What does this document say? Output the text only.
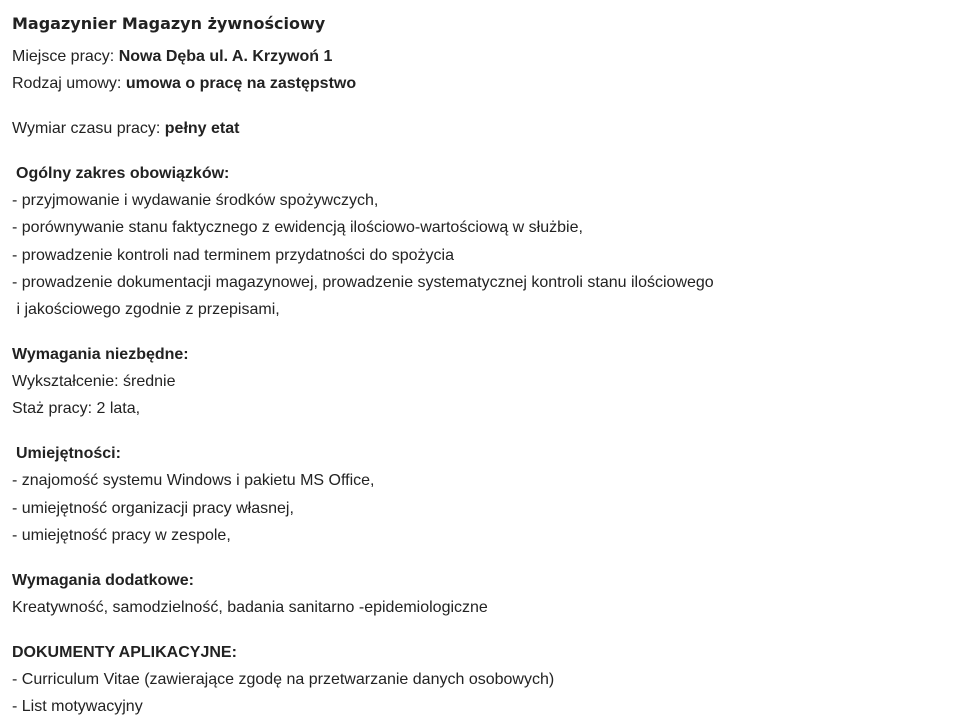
Magazynier Magazyn żywnościowy
Miejsce pracy: Nowa Dęba ul. A. Krzywoń 1
Rodzaj umowy: umowa o pracę na zastępstwo
Wymiar czasu pracy: pełny etat
Ogólny zakres obowiązków:
- przyjmowanie i wydawanie środków spożywczych,
- porównywanie stanu faktycznego z ewidencją ilościowo-wartościową w służbie,
- prowadzenie kontroli nad terminem przydatności do spożycia
- prowadzenie dokumentacji magazynowej, prowadzenie systematycznej kontroli stanu ilościowego
i jakościowego zgodnie z przepisami,
Wymagania niezbędne:
Wykształcenie: średnie
Staż pracy: 2 lata,
Umiejętności:
- znajomość systemu Windows i pakietu MS Office,
- umiejętność organizacji pracy własnej,
- umiejętność pracy w zespole,
Wymagania dodatkowe:
Kreatywność, samodzielność, badania sanitarno -epidemiologiczne
DOKUMENTY APLIKACYJNE:
- Curriculum Vitae (zawierające zgodę na przetwarzanie danych osobowych)
- List motywacyjny
